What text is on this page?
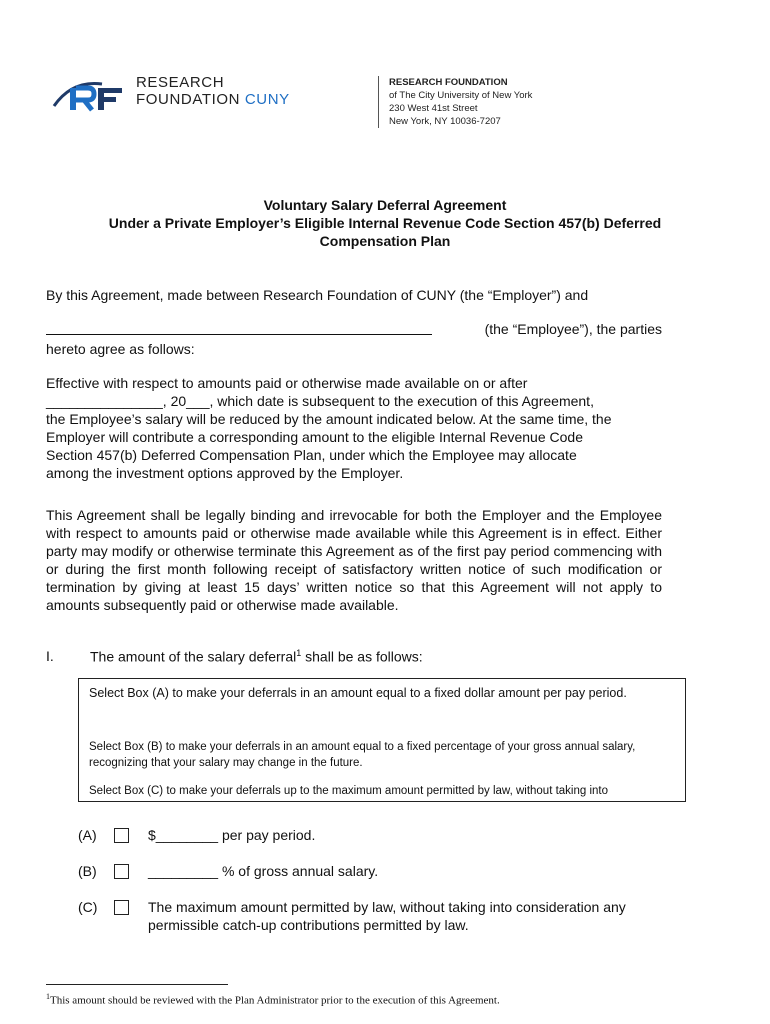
RESEARCH
FOUNDATION CUNY
RESEARCH FOUNDATION
of The City University of New York
230 West 41st Street
New York, NY 10036-7207
Voluntary Salary Deferral Agreement
Under a Private Employer’s Eligible Internal Revenue Code Section 457(b) Deferred
Compensation Plan
By this Agreement, made between Research Foundation of CUNY (the “Employer”) and
(the “Employee”), the parties
hereto agree as follows:
Effective with respect to amounts paid or otherwise made available on or after
_______________, 20___, which date is subsequent to the execution of this Agreement,
the Employee’s salary will be reduced by the amount indicated below. At the same time, the
Employer will contribute a corresponding amount to the eligible Internal Revenue Code
Section 457(b) Deferred Compensation Plan, under which the Employee may allocate
among the investment options approved by the Employer.
This Agreement shall be legally binding and irrevocable for both the Employer and the Employee with respect to amounts paid or otherwise made available while this Agreement is in effect. Either party may modify or otherwise terminate this Agreement as of the first pay period commencing with or during the first month following receipt of satisfactory written notice of such modification or termination by giving at least 15 days’ written notice so that this Agreement will not apply to amounts subsequently paid or otherwise made available.
I.	The amount of the salary deferral$^1$ shall be as follows:

Select Box (A) to make your deferrals in an amount equal to a fixed dollar amount per pay period.

Select Box (B) to make your deferrals in an amount equal to a fixed percentage of your gross annual salary, recognizing that your salary may change in the future.

Select Box (C) to make your deferrals up to the maximum amount permitted by law, without taking into

(A)	$________ per pay period.
(B)	_________ % of gross annual salary.
(C)	The maximum amount permitted by law, without taking into consideration any permissible catch-up contributions permitted by law.
$^1$This amount should be reviewed with the Plan Administrator prior to the execution of this Agreement.
